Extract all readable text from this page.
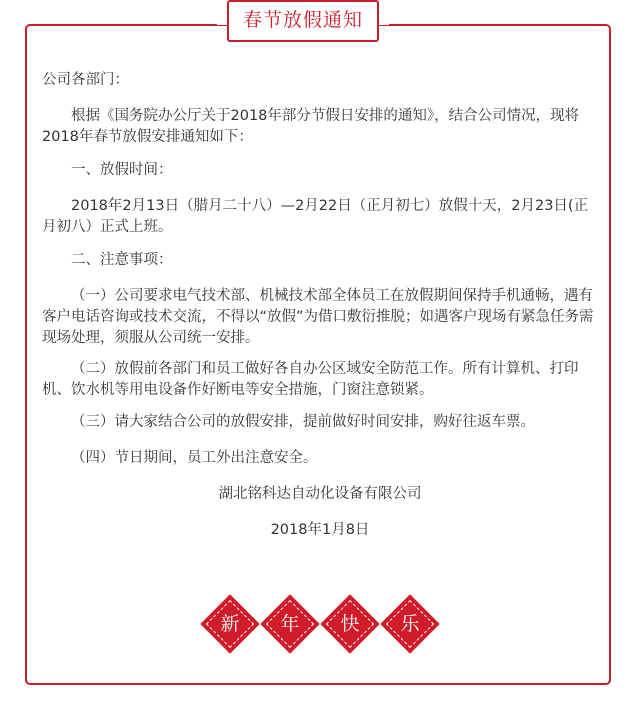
春节放假通知

公司各部门：

根据《国务院办公厅关于2018年部分节假日安排的通知》，结合公司情况，现将2018年春节放假安排通知如下：

一、放假时间：

2018年2月13日（腊月二十八）—2月22日（正月初七）放假十天，2月23日(正月初八）正式上班。

二、注意事项：

（一）公司要求电气技术部、机械技术部全体员工在放假期间保持手机通畅，遇有客户电话咨询或技术交流，不得以“放假”为借口敷衍推脱；如遇客户现场有紧急任务需现场处理，须服从公司统一安排。

（二）放假前各部门和员工做好各自办公区域安全防范工作。所有计算机、打印机、饮水机等用电设备作好断电等安全措施，门窗注意锁紧。

（三）请大家结合公司的放假安排，提前做好时间安排，购好往返车票。

（四）节日期间，员工外出注意安全。

湖北铭科达自动化设备有限公司

2018年1月8日

新	年	快	乐
